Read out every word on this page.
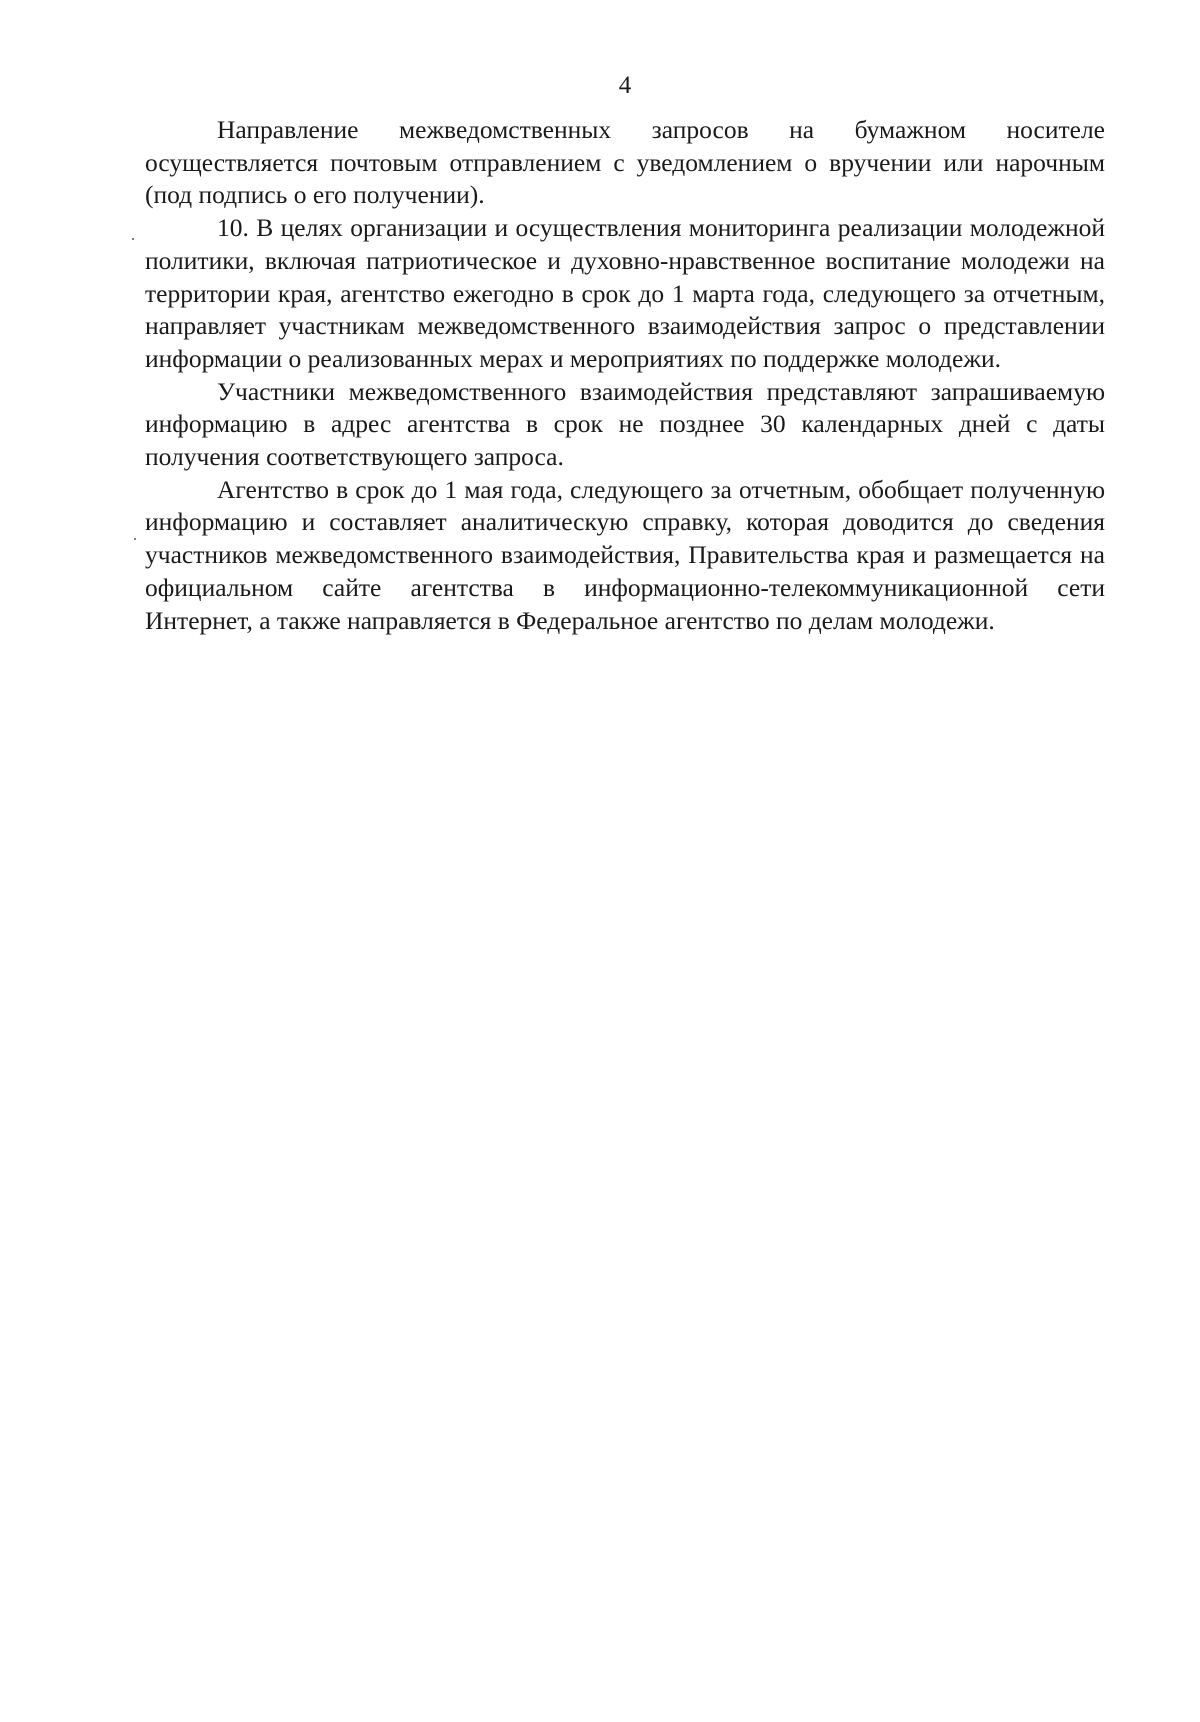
4

Направление межведомственных запросов на бумажном носителе осуществляется почтовым отправлением с уведомлением о вручении или нарочным (под подпись о его получении).

10. В целях организации и осуществления мониторинга реализации молодежной политики, включая патриотическое и духовно-нравственное воспитание молодежи на территории края, агентство ежегодно в срок до 1 марта года, следующего за отчетным, направляет участникам межведомственного взаимодействия запрос о представлении информации о реализованных мерах и мероприятиях по поддержке молодежи.

Участники межведомственного взаимодействия представляют запрашиваемую информацию в адрес агентства в срок не позднее 30 календарных дней с даты получения соответствующего запроса.

Агентство в срок до 1 мая года, следующего за отчетным, обобщает полученную информацию и составляет аналитическую справку, которая доводится до сведения участников межведомственного взаимодействия, Правительства края и размещается на официальном сайте агентства в информационно-телекоммуникационной сети Интернет, а также направляется в Федеральное агентство по делам молодежи.
